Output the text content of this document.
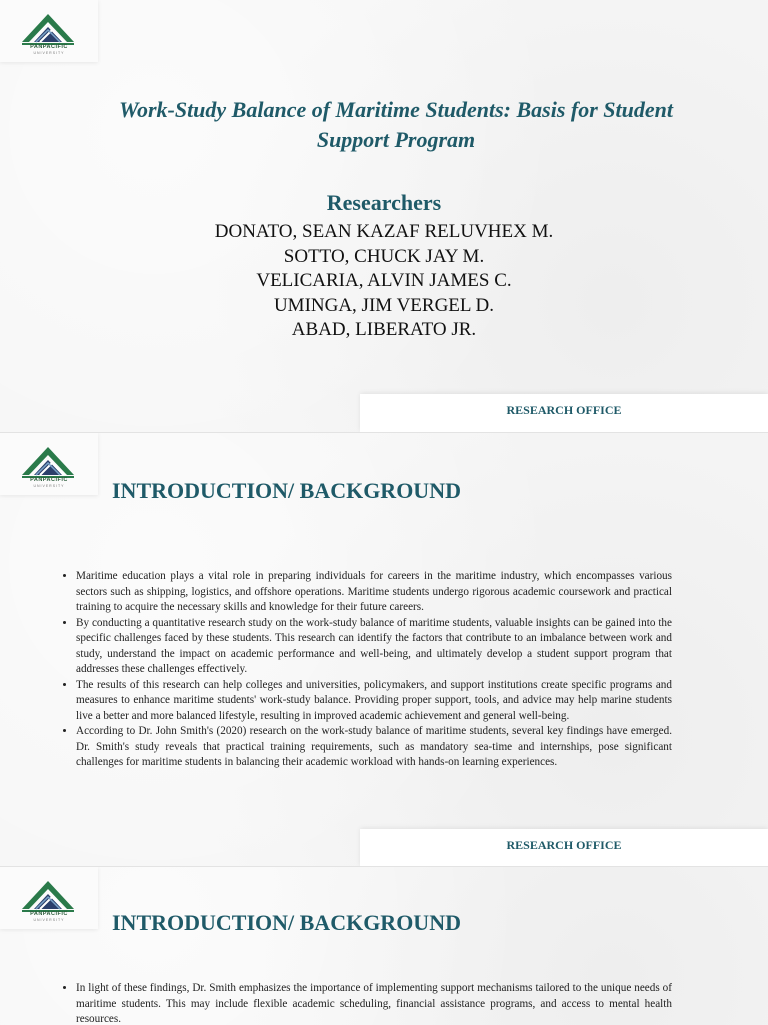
PANPACIFIC
UNIVERSITY
Work-Study Balance of Maritime Students: Basis for Student Support Program
Researchers
DONATO, SEAN KAZAF RELUVHEX M.
SOTTO, CHUCK JAY M.
VELICARIA, ALVIN JAMES C.
UMINGA, JIM VERGEL D.
ABAD, LIBERATO JR.
RESEARCH OFFICE
PANPACIFIC
UNIVERSITY	INTRODUCTION/ BACKGROUND
• Maritime education plays a vital role in preparing individuals for careers in the maritime industry, which encompasses various sectors such as shipping, logistics, and offshore operations. Maritime students undergo rigorous academic coursework and practical training to acquire the necessary skills and knowledge for their future careers.
• By conducting a quantitative research study on the work-study balance of maritime students, valuable insights can be gained into the specific challenges faced by these students. This research can identify the factors that contribute to an imbalance between work and study, understand the impact on academic performance and well-being, and ultimately develop a student support program that addresses these challenges effectively.
• The results of this research can help colleges and universities, policymakers, and support institutions create specific programs and measures to enhance maritime students' work-study balance. Providing proper support, tools, and advice may help marine students live a better and more balanced lifestyle, resulting in improved academic achievement and general well-being.
• According to Dr. John Smith's (2020) research on the work-study balance of maritime students, several key findings have emerged. Dr. Smith's study reveals that practical training requirements, such as mandatory sea-time and internships, pose significant challenges for maritime students in balancing their academic workload with hands-on learning experiences.
RESEARCH OFFICE
PANPACIFIC
UNIVERSITY	INTRODUCTION/ BACKGROUND
• In light of these findings, Dr. Smith emphasizes the importance of implementing support mechanisms tailored to the unique needs of maritime students. This may include flexible academic scheduling, financial assistance programs, and access to mental health resources.
